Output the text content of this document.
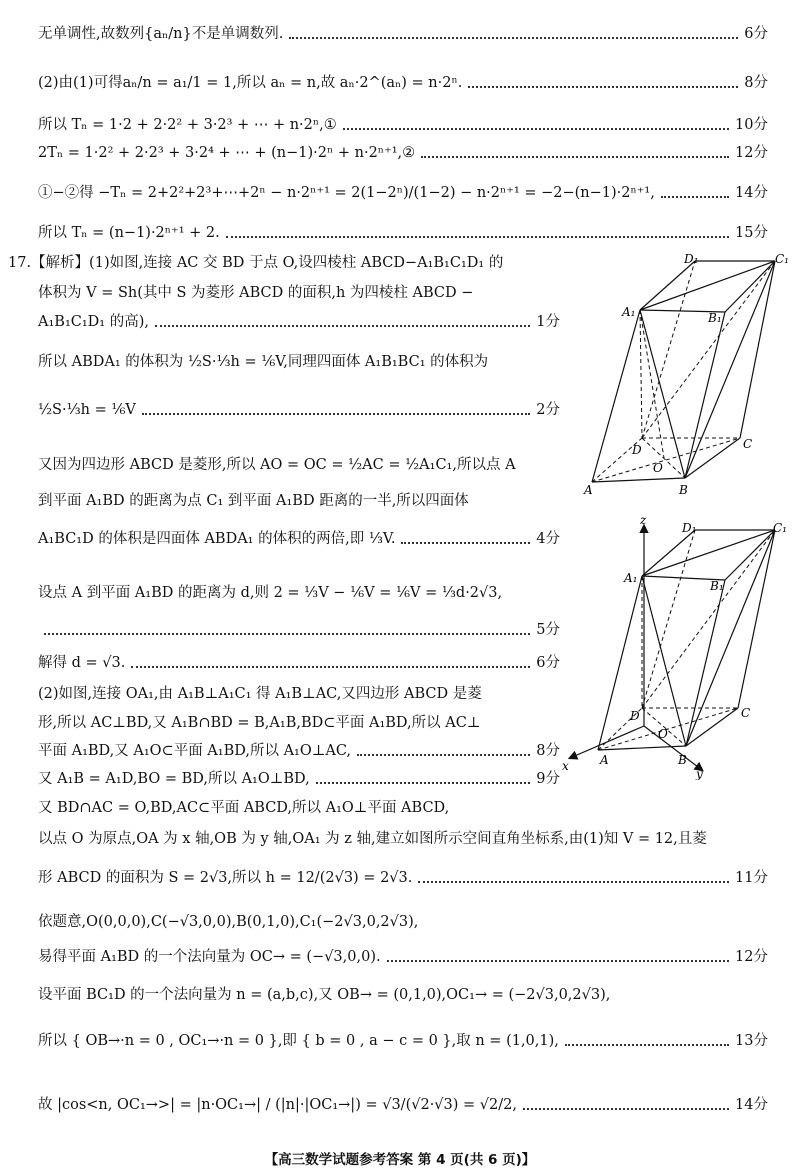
无单调性,故数列{aₙ/n}不是单调数列.	6分
(2)由(1)可得aₙ/n = a₁/1 = 1,所以 aₙ = n,故 aₙ·2^(aₙ) = n·2ⁿ.	8分
所以 Tₙ = 1·2 + 2·2² + 3·2³ + ⋯ + n·2ⁿ,①	10分
2Tₙ = 1·2² + 2·2³ + 3·2⁴ + ⋯ + (n−1)·2ⁿ + n·2ⁿ⁺¹,②	12分
①−②得 −Tₙ = 2+2²+2³+⋯+2ⁿ − n·2ⁿ⁺¹ = 2(1−2ⁿ)/(1−2) − n·2ⁿ⁺¹ = −2−(n−1)·2ⁿ⁺¹,	14分
所以 Tₙ = (n−1)·2ⁿ⁺¹ + 2.	15分
17.【解析】(1)如图,连接 AC 交 BD 于点 O,设四棱柱 ABCD−A₁B₁C₁D₁ 的
体积为 V = Sh(其中 S 为菱形 ABCD 的面积,h 为四棱柱 ABCD −
A₁B₁C₁D₁ 的高),	1分
所以 ABDA₁ 的体积为 ½S·⅓h = ⅙V,同理四面体 A₁B₁BC₁ 的体积为
½S·⅓h = ⅙V	2分
又因为四边形 ABCD 是菱形,所以 AO = OC = ½AC = ½A₁C₁,所以点 A
到平面 A₁BD 的距离为点 C₁ 到平面 A₁BD 距离的一半,所以四面体
A₁BC₁D 的体积是四面体 ABDA₁ 的体积的两倍,即 ⅓V.	4分
设点 A 到平面 A₁BD 的距离为 d,则 2 = ⅓V − ⅙V = ⅙V = ⅓d·2√3,
5分
解得 d = √3.	6分
(2)如图,连接 OA₁,由 A₁B⊥A₁C₁ 得 A₁B⊥AC,又四边形 ABCD 是菱
形,所以 AC⊥BD,又 A₁B∩BD = B,A₁B,BD⊂平面 A₁BD,所以 AC⊥
平面 A₁BD,又 A₁O⊂平面 A₁BD,所以 A₁O⊥AC,	8分
又 A₁B = A₁D,BO = BD,所以 A₁O⊥BD,	9分
又 BD∩AC = O,BD,AC⊂平面 ABCD,所以 A₁O⊥平面 ABCD,
以点 O 为原点,OA 为 x 轴,OB 为 y 轴,OA₁ 为 z 轴,建立如图所示空间直角坐标系,由(1)知 V = 12,且菱
形 ABCD 的面积为 S = 2√3,所以 h = 12/(2√3) = 2√3.	11分
依题意,O(0,0,0),C(−√3,0,0),B(0,1,0),C₁(−2√3,0,2√3),
易得平面 A₁BD 的一个法向量为 OC→ = (−√3,0,0).	12分
设平面 BC₁D 的一个法向量为 n = (a,b,c),又 OB→ = (0,1,0),OC₁→ = (−2√3,0,2√3),
所以 { OB→·n = 0 , OC₁→·n = 0 },即 { b = 0 , a − c = 0 },取 n = (1,0,1),	13分
故 |cos<n, OC₁→>| = |n·OC₁→| / (|n|·|OC₁→|) = √3/(√2·√3) = √2/2,	14分
D₁	C₁
A₁	B₁
D	C
O
A	B
z
D₁	C₁
A₁
B₁
D	C
O
A	B
x
y
【高三数学试题参考答案 第 4 页(共 6 页)】
